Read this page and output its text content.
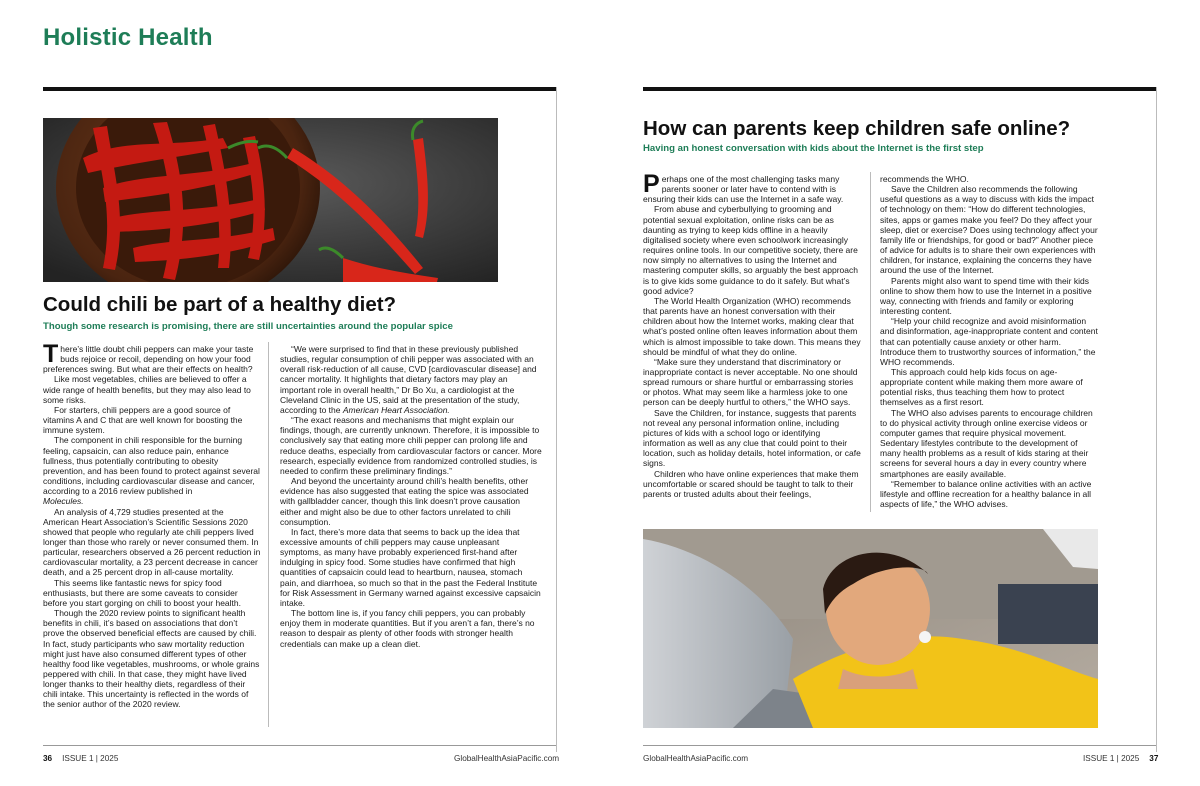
Holistic Health
Could chili be part of a healthy diet?
Though some research is promising, there are still uncertainties around the popular spice

There’s little doubt chili peppers can make your taste buds rejoice or recoil, depending on how your food preferences swing. But what are their effects on health?

Like most vegetables, chilies are believed to offer a wide range of health benefits, but they may also lead to some risks.

For starters, chili peppers are a good source of vitamins A and C that are well known for boosting the immune system.

The component in chili responsible for the burning feeling, capsaicin, can also reduce pain, enhance fullness, thus potentially contributing to obesity prevention, and has been found to protect against several conditions, including cardiovascular disease and cancer, according to a 2016 review published in
Molecules.

An analysis of 4,729 studies presented at the American Heart Association’s Scientific Sessions 2020 showed that people who regularly ate chili peppers lived longer than those who rarely or never consumed them. In particular, researchers observed a 26 percent reduction in cardiovascular mortality, a 23 percent decrease in cancer death, and a 25 percent drop in all-cause mortality.

This seems like fantastic news for spicy food enthusiasts, but there are some caveats to consider before you start gorging on chili to boost your health.

Though the 2020 review points to significant health benefits in chili, it’s based on associations that don’t prove the observed beneficial effects are caused by chili. In fact, study participants who saw mortality reduction might just have also consumed different types of other healthy food like vegetables, mushrooms, or whole grains peppered with chili. In that case, they might have lived longer thanks to their healthy diets, regardless of their chili intake. This uncertainty is reflected in the words of the senior author of the 2020 review.

“We were surprised to find that in these previously published studies, regular consumption of chili pepper was associated with an overall risk-reduction of all cause, CVD [cardiovascular disease] and cancer mortality. It highlights that dietary factors may play an important role in overall health,” Dr Bo Xu, a cardiologist at the Cleveland Clinic in the US, said at the presentation of the study, according to the American Heart Association.

“The exact reasons and mechanisms that might explain our findings, though, are currently unknown. Therefore, it is impossible to conclusively say that eating more chili pepper can prolong life and reduce deaths, especially from cardiovascular factors or cancer. More research, especially evidence from randomized controlled studies, is needed to confirm these preliminary findings.”

And beyond the uncertainty around chili’s health benefits, other evidence has also suggested that eating the spice was associated with gallbladder cancer, though this link doesn’t prove causation either and might also be due to other factors unrelated to chili consumption.

In fact, there’s more data that seems to back up the idea that excessive amounts of chili peppers may cause unpleasant symptoms, as many have probably experienced first-hand after indulging in spicy food. Some studies have confirmed that high quantities of capsaicin could lead to heartburn, nausea, stomach pain, and diarrhoea, so much so that in the past the Federal Institute for Risk Assessment in Germany warned against excessive capsaicin intake.

The bottom line is, if you fancy chili peppers, you can probably enjoy them in moderate quantities. But if you aren’t a fan, there’s no reason to despair as plenty of other foods with stronger health credentials can make up a clean diet.

36 ISSUE 1 | 2025	GlobalHealthAsiaPacific.com
How can parents keep children safe online?
Having an honest conversation with kids about the Internet is the first step

Perhaps one of the most challenging tasks many parents sooner or later have to contend with is ensuring their kids can use the Internet in a safe way.

From abuse and cyberbullying to grooming and potential sexual exploitation, online risks can be as daunting as trying to keep kids offline in a heavily digitalised society where even schoolwork increasingly requires online tools. In our competitive society, there are now simply no alternatives to using the Internet and mastering computer skills, so arguably the best approach is to give kids some guidance to do it safely. But what’s good advice?

The World Health Organization (WHO) recommends that parents have an honest conversation with their children about how the Internet works, making clear that what’s posted online often leaves information about them which is almost impossible to take down. This means they should be mindful of what they do online.

“Make sure they understand that discriminatory or inappropriate contact is never acceptable. No one should spread rumours or share hurtful or embarrassing stories or photos. What may seem like a harmless joke to one person can be deeply hurtful to others,” the WHO says.

Save the Children, for instance, suggests that parents not reveal any personal information online, including pictures of kids with a school logo or identifying information as well as any clue that could point to their location, such as holiday details, hotel information, or cafe signs.

Children who have online experiences that make them uncomfortable or scared should be taught to talk to their parents or trusted adults about their feelings,

recommends the WHO.

Save the Children also recommends the following useful questions as a way to discuss with kids the impact of technology on them: “How do different technologies, sites, apps or games make you feel? Do they affect your sleep, diet or exercise? Does using technology affect your family life or friendships, for good or bad?” Another piece of advice for adults is to share their own experiences with children, for instance, explaining the concerns they have around the use of the Internet.

Parents might also want to spend time with their kids online to show them how to use the Internet in a positive way, connecting with friends and family or exploring interesting content.

“Help your child recognize and avoid misinformation and disinformation, age-inappropriate content and content that can potentially cause anxiety or other harm. Introduce them to trustworthy sources of information,” the WHO recommends.

This approach could help kids focus on age-appropriate content while making them more aware of potential risks, thus teaching them how to protect themselves as a first resort.

The WHO also advises parents to encourage children to do physical activity through online exercise videos or computer games that require physical movement. Sedentary lifestyles contribute to the development of many health problems as a result of kids staring at their screens for several hours a day in every country where smartphones are easily available.

“Remember to balance online activities with an active lifestyle and offline recreation for a healthy balance in all aspects of life,” the WHO advises.

GlobalHealthAsiaPacific.com	ISSUE 1 | 2025 37
